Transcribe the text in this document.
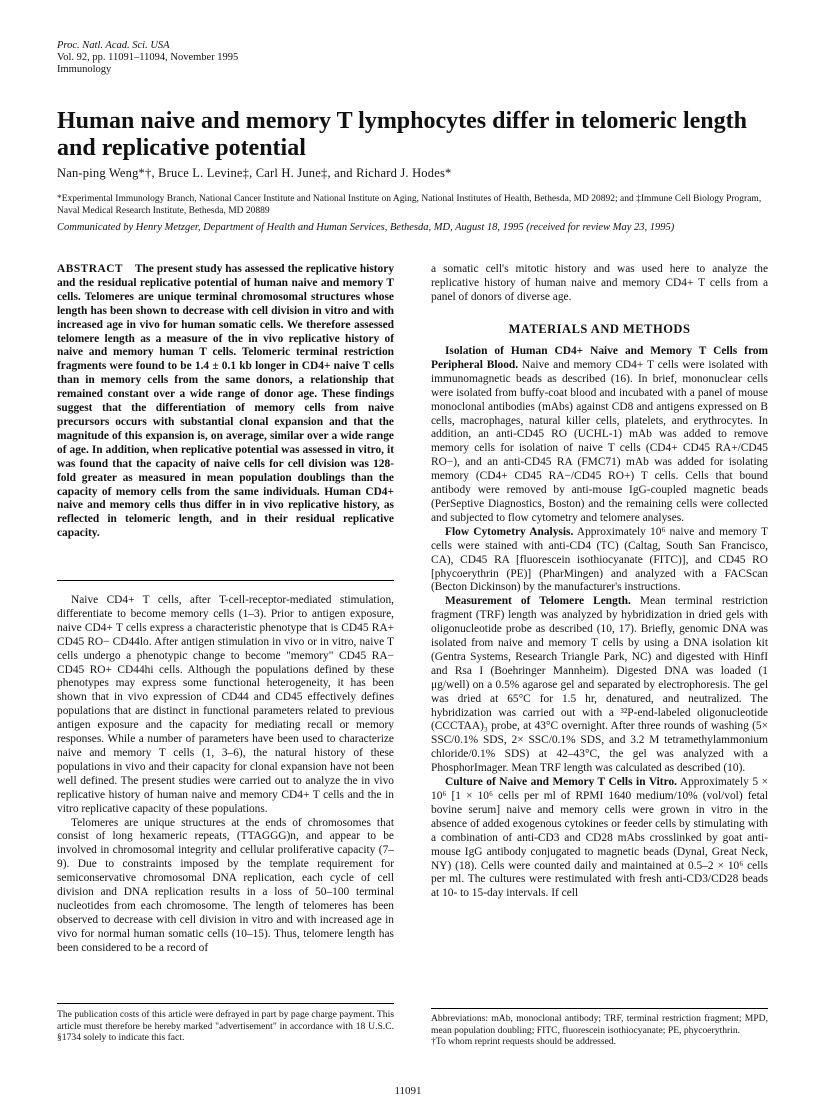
Proc. Natl. Acad. Sci. USA
Vol. 92, pp. 11091–11094, November 1995
Immunology
Human naive and memory T lymphocytes differ in telomeric length and replicative potential
Nan-ping Weng*†, Bruce L. Levine‡, Carl H. June‡, and Richard J. Hodes*
*Experimental Immunology Branch, National Cancer Institute and National Institute on Aging, National Institutes of Health, Bethesda, MD 20892; and ‡Immune Cell Biology Program, Naval Medical Research Institute, Bethesda, MD 20889
Communicated by Henry Metzger, Department of Health and Human Services, Bethesda, MD, August 18, 1995 (received for review May 23, 1995)
ABSTRACT The present study has assessed the replicative history and the residual replicative potential of human naive and memory T cells. Telomeres are unique terminal chromosomal structures whose length has been shown to decrease with cell division in vitro and with increased age in vivo for human somatic cells. We therefore assessed telomere length as a measure of the in vivo replicative history of naive and memory human T cells. Telomeric terminal restriction fragments were found to be 1.4 ± 0.1 kb longer in CD4+ naive T cells than in memory cells from the same donors, a relationship that remained constant over a wide range of donor age. These findings suggest that the differentiation of memory cells from naive precursors occurs with substantial clonal expansion and that the magnitude of this expansion is, on average, similar over a wide range of age. In addition, when replicative potential was assessed in vitro, it was found that the capacity of naive cells for cell division was 128-fold greater as measured in mean population doublings than the capacity of memory cells from the same individuals. Human CD4+ naive and memory cells thus differ in in vivo replicative history, as reflected in telomeric length, and in their residual replicative capacity.

Naive CD4+ T cells, after T-cell-receptor-mediated stimulation, differentiate to become memory cells (1–3). Prior to antigen exposure, naive CD4+ T cells express a characteristic phenotype that is CD45 RA+ CD45 RO− CD44lo. After antigen stimulation in vivo or in vitro, naive T cells undergo a phenotypic change to become "memory" CD45 RA− CD45 RO+ CD44hi cells. Although the populations defined by these phenotypes may express some functional heterogeneity, it has been shown that in vivo expression of CD44 and CD45 effectively defines populations that are distinct in functional parameters related to previous antigen exposure and the capacity for mediating recall or memory responses. While a number of parameters have been used to characterize naive and memory T cells (1, 3–6), the natural history of these populations in vivo and their capacity for clonal expansion have not been well defined. The present studies were carried out to analyze the in vivo replicative history of human naive and memory CD4+ T cells and the in vitro replicative capacity of these populations.

Telomeres are unique structures at the ends of chromosomes that consist of long hexameric repeats, (TTAGGG)n, and appear to be involved in chromosomal integrity and cellular proliferative capacity (7–9). Due to constraints imposed by the template requirement for semiconservative chromosomal DNA replication, each cycle of cell division and DNA replication results in a loss of 50–100 terminal nucleotides from each chromosome. The length of telomeres has been observed to decrease with cell division in vitro and with increased age in vivo for normal human somatic cells (10–15). Thus, telomere length has been considered to be a record of

The publication costs of this article were defrayed in part by page charge payment. This article must therefore be hereby marked "advertisement" in accordance with 18 U.S.C. §1734 solely to indicate this fact.
a somatic cell's mitotic history and was used here to analyze the replicative history of human naive and memory CD4+ T cells from a panel of donors of diverse age.
MATERIALS AND METHODS

Isolation of Human CD4+ Naive and Memory T Cells from Peripheral Blood. Naive and memory CD4+ T cells were isolated with immunomagnetic beads as described (16). In brief, mononuclear cells were isolated from buffy-coat blood and incubated with a panel of mouse monoclonal antibodies (mAbs) against CD8 and antigens expressed on B cells, macrophages, natural killer cells, platelets, and erythrocytes. In addition, an anti-CD45 RO (UCHL-1) mAb was added to remove memory cells for isolation of naive T cells (CD4+ CD45 RA+/CD45 RO−), and an anti-CD45 RA (FMC71) mAb was added for isolating memory (CD4+ CD45 RA−/CD45 RO+) T cells. Cells that bound antibody were removed by anti-mouse IgG-coupled magnetic beads (PerSeptive Diagnostics, Boston) and the remaining cells were collected and subjected to flow cytometry and telomere analyses.

Flow Cytometry Analysis. Approximately 10⁶ naive and memory T cells were stained with anti-CD4 (TC) (Caltag, South San Francisco, CA), CD45 RA [fluorescein isothiocyanate (FITC)], and CD45 RO [phycoerythrin (PE)] (PharMingen) and analyzed with a FACScan (Becton Dickinson) by the manufacturer's instructions.

Measurement of Telomere Length. Mean terminal restriction fragment (TRF) length was analyzed by hybridization in dried gels with oligonucleotide probe as described (10, 17). Briefly, genomic DNA was isolated from naive and memory T cells by using a DNA isolation kit (Gentra Systems, Research Triangle Park, NC) and digested with HinfI and Rsa I (Boehringer Mannheim). Digested DNA was loaded (1 μg/well) on a 0.5% agarose gel and separated by electrophoresis. The gel was dried at 65°C for 1.5 hr, denatured, and neutralized. The hybridization was carried out with a ³²P-end-labeled oligonucleotide (CCCTAA)₃ probe, at 43°C overnight. After three rounds of washing (5× SSC/0.1% SDS, 2× SSC/0.1% SDS, and 3.2 M tetramethylammonium chloride/0.1% SDS) at 42–43°C, the gel was analyzed with a PhosphorImager. Mean TRF length was calculated as described (10).

Culture of Naive and Memory T Cells in Vitro. Approximately 5 × 10⁶ [1 × 10⁶ cells per ml of RPMI 1640 medium/10% (vol/vol) fetal bovine serum] naive and memory cells were grown in vitro in the absence of added exogenous cytokines or feeder cells by stimulating with a combination of anti-CD3 and CD28 mAbs crosslinked by goat anti-mouse IgG antibody conjugated to magnetic beads (Dynal, Great Neck, NY) (18). Cells were counted daily and maintained at 0.5–2 × 10⁶ cells per ml. The cultures were restimulated with fresh anti-CD3/CD28 beads at 10- to 15-day intervals. If cell

Abbreviations: mAb, monoclonal antibody; TRF, terminal restriction fragment; MPD, mean population doubling; FITC, fluorescein isothiocyanate; PE, phycoerythrin.
†To whom reprint requests should be addressed.
11091
